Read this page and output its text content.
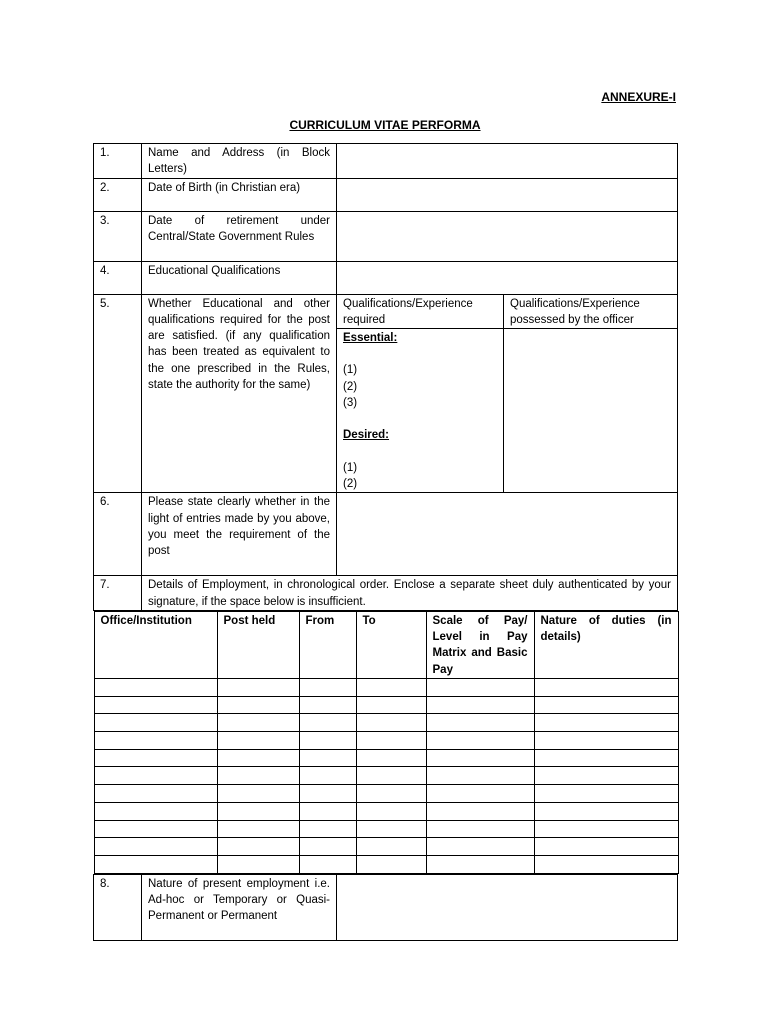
ANNEXURE-I
CURRICULUM VITAE PERFORMA
1.	Name and Address (in Block Letters)	
2.	Date of Birth (in Christian era)	
3.	Date of retirement under Central/State Government Rules	
4.	Educational Qualifications	
5.	Whether Educational and other qualifications required for the post are satisfied. (if any qualification has been treated as equivalent to the one prescribed in the Rules, state the authority for the same)	Qualifications/Experience required	Qualifications/Experience possessed by the officer

Essential:
(1)
(2)
(3)
Desired:
(1)
(2)

6.	Please state clearly whether in the light of entries made by you above, you meet the requirement of the post	
7.	Details of Employment, in chronological order. Enclose a separate sheet duly authenticated by your signature, if the space below is insufficient.

Office/Institution	Post held	From	To	Scale of Pay/ Level in Pay Matrix and Basic Pay	Nature of duties (in details)

8.	Nature of present employment i.e. Ad-hoc or Temporary or Quasi-Permanent or Permanent	
